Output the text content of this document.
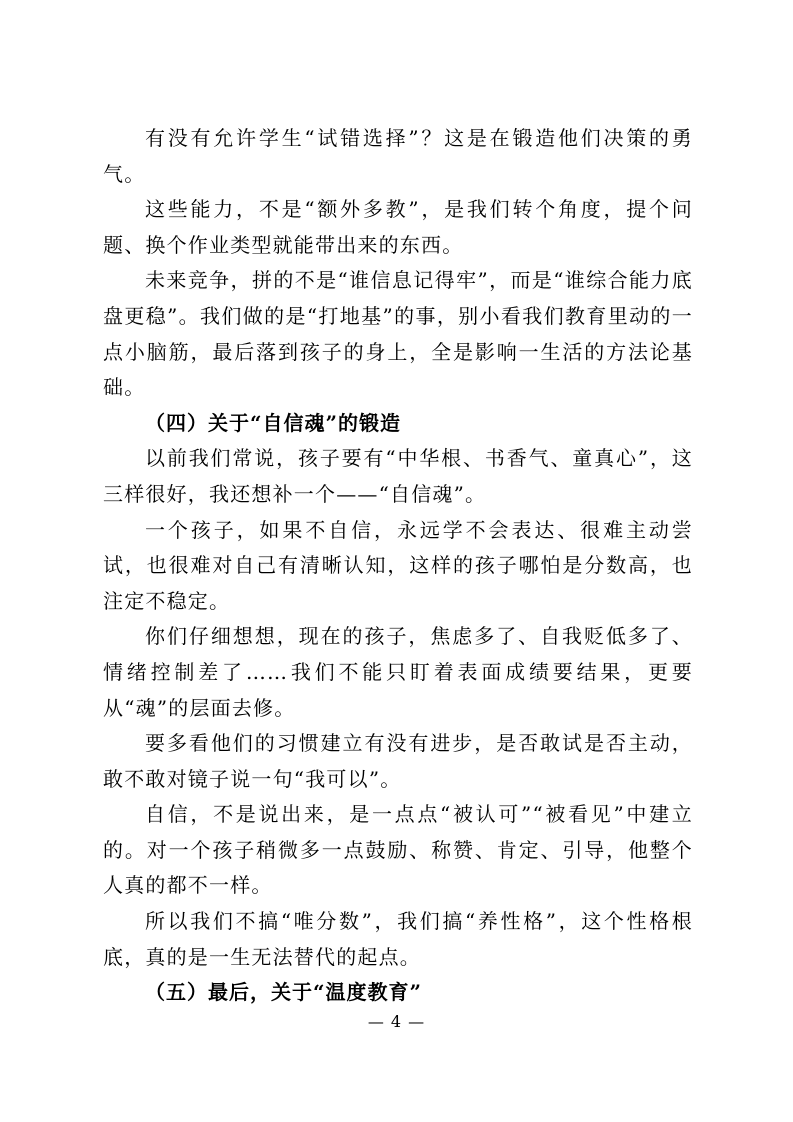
有没有允许学生“试错选择”？这是在锻造他们决策的勇气。

这些能力，不是“额外多教”，是我们转个角度，提个问题、换个作业类型就能带出来的东西。

未来竞争，拼的不是“谁信息记得牢”，而是“谁综合能力底盘更稳”。我们做的是“打地基”的事，别小看我们教育里动的一点小脑筋，最后落到孩子的身上，全是影响一生活的方法论基础。

（四）关于“自信魂”的锻造

以前我们常说，孩子要有“中华根、书香气、童真心”，这三样很好，我还想补一个——“自信魂”。

一个孩子，如果不自信，永远学不会表达、很难主动尝试，也很难对自己有清晰认知，这样的孩子哪怕是分数高，也注定不稳定。

你们仔细想想，现在的孩子，焦虑多了、自我贬低多了、情绪控制差了……我们不能只盯着表面成绩要结果，更要从“魂”的层面去修。

要多看他们的习惯建立有没有进步，是否敢试是否主动，敢不敢对镜子说一句“我可以”。

自信，不是说出来，是一点点“被认可”“被看见”中建立的。对一个孩子稍微多一点鼓励、称赞、肯定、引导，他整个人真的都不一样。

所以我们不搞“唯分数”，我们搞“养性格”，这个性格根底，真的是一生无法替代的起点。

（五）最后，关于“温度教育”

— 4 —
